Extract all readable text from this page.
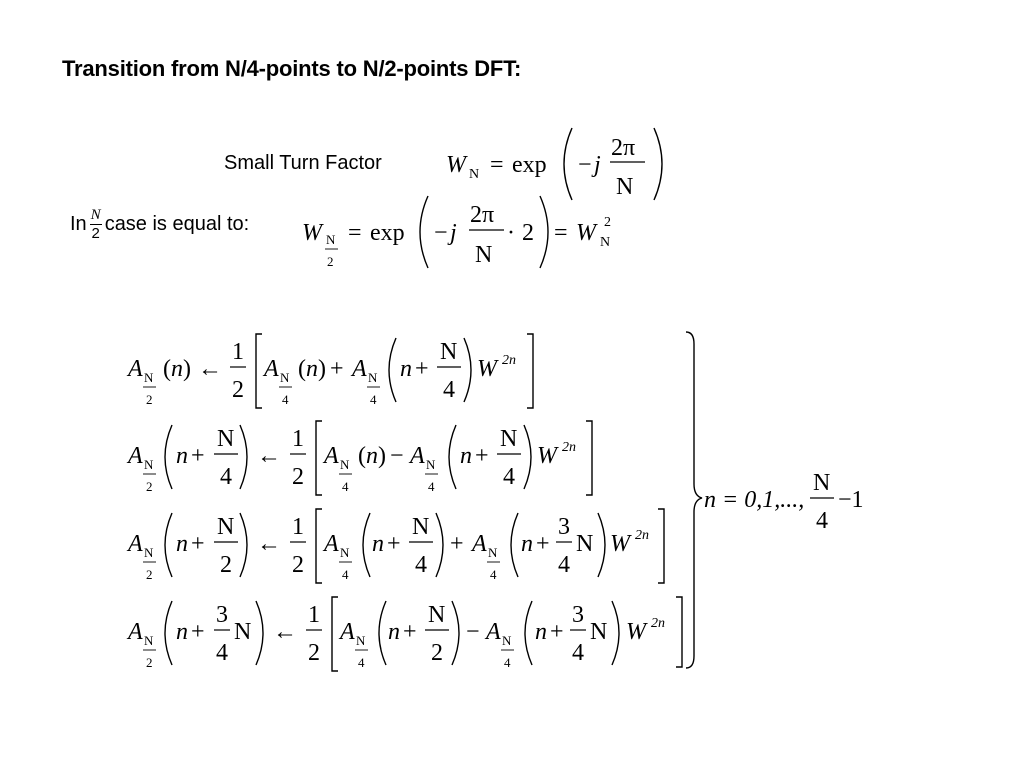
Transition from N/4-points to N/2-points DFT:
Small Turn Factor
In $\frac{N}{2}$ case is equal to:
W N = exp − j
2π
N
W N
2
= exp − j
2π
N
· 2 = W N
2
A N
2
( n ) ←
1
2
A N
4
( n ) + A N
4
n +
N
4
W 2n
A N
2
n +
N
4
←
1
2
A N
4
( n ) − A N
4
n +
N
4
W 2n
A N
2
n +
N
2
←
1
2
A N
4
n +
N
4
+ A N
4
n +
3
4
N W 2n
A N
2
n +
3
4
N ←
1
2
A N
4
n +
N
2
− A N
4
n +
3
4
N W 2n
n = 0,1,...,
N
4
−1
